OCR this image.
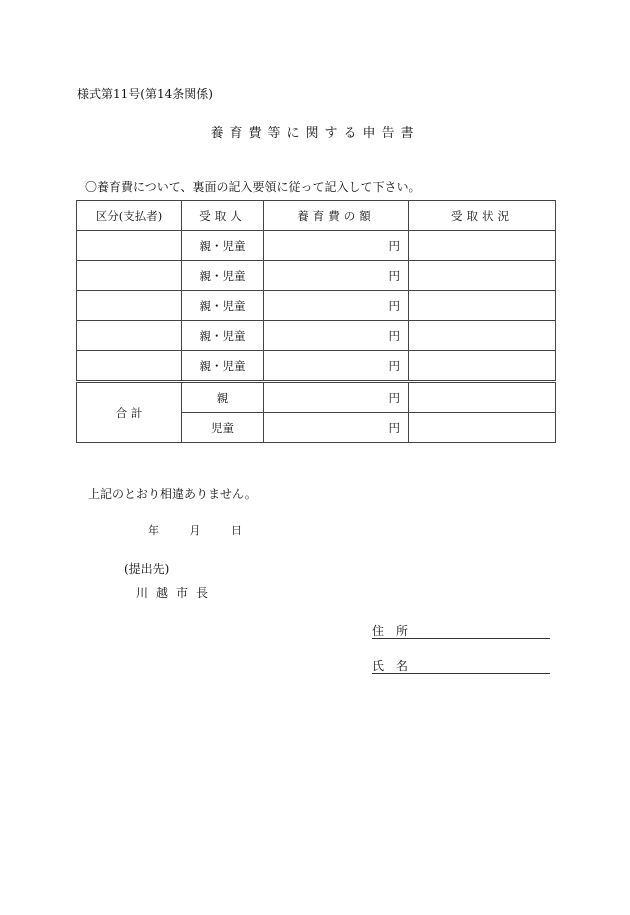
様式第11号(第14条関係)
養育費等に関する申告書
〇養育費について、裏面の記入要領に従って記入して下さい。
区分(支払者)	受取人	養育費の額	受取状況
	親・児童	円	
	親・児童	円	
	親・児童	円	
	親・児童	円	
	親・児童	円	
合 計	親	円	
	児童	円	
上記のとおり相違ありません。
年	月	日
(提出先)
川越市長
住所
氏名
